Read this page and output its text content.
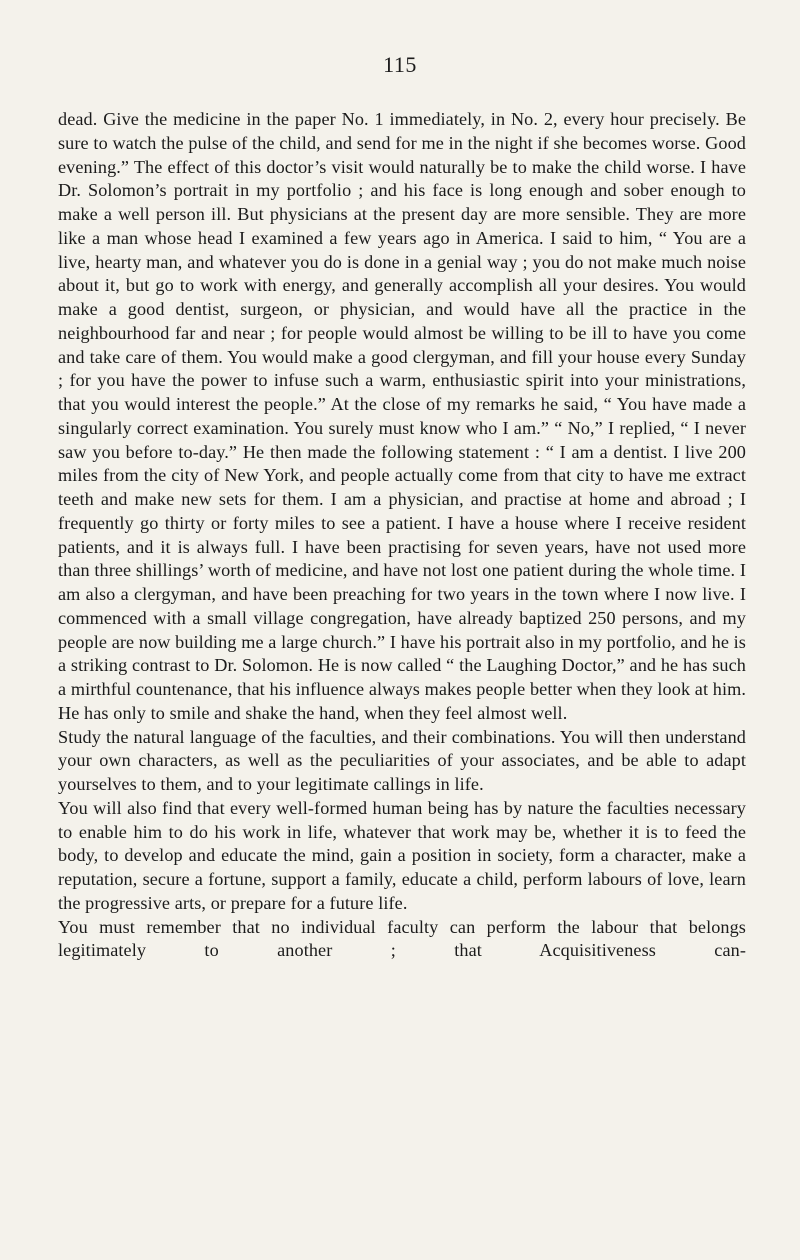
115

dead. Give the medicine in the paper No. 1 immediately, in No. 2, every hour precisely. Be sure to watch the pulse of the child, and send for me in the night if she becomes worse. Good evening.” The effect of this doctor’s visit would naturally be to make the child worse. I have Dr. Solomon’s portrait in my portfolio ; and his face is long enough and sober enough to make a well person ill. But physicians at the present day are more sensible. They are more like a man whose head I examined a few years ago in America. I said to him, “ You are a live, hearty man, and whatever you do is done in a genial way ; you do not make much noise about it, but go to work with energy, and generally accomplish all your desires. You would make a good dentist, surgeon, or physician, and would have all the practice in the neighbourhood far and near ; for people would almost be willing to be ill to have you come and take care of them. You would make a good clergyman, and fill your house every Sunday ; for you have the power to infuse such a warm, enthusiastic spirit into your ministrations, that you would interest the people.” At the close of my remarks he said, “ You have made a singularly correct examination. You surely must know who I am.” “ No,” I replied, “ I never saw you before to-day.” He then made the following statement : “ I am a dentist. I live 200 miles from the city of New York, and people actually come from that city to have me extract teeth and make new sets for them. I am a physician, and practise at home and abroad ; I frequently go thirty or forty miles to see a patient. I have a house where I receive resident patients, and it is always full. I have been practising for seven years, have not used more than three shillings’ worth of medicine, and have not lost one patient during the whole time. I am also a clergyman, and have been preaching for two years in the town where I now live. I commenced with a small village congregation, have already baptized 250 persons, and my people are now building me a large church.” I have his portrait also in my portfolio, and he is a striking contrast to Dr. Solomon. He is now called “ the Laughing Doctor,” and he has such a mirthful countenance, that his influence always makes people better when they look at him. He has only to smile and shake the hand, when they feel almost well.

Study the natural language of the faculties, and their combinations. You will then understand your own characters, as well as the peculiarities of your associates, and be able to adapt yourselves to them, and to your legitimate callings in life.

You will also find that every well-formed human being has by nature the faculties necessary to enable him to do his work in life, whatever that work may be, whether it is to feed the body, to develop and educate the mind, gain a position in society, form a character, make a reputation, secure a fortune, support a family, educate a child, perform labours of love, learn the progressive arts, or prepare for a future life.

You must remember that no individual faculty can perform the labour that belongs legitimately to another ; that Acquisitiveness can-
